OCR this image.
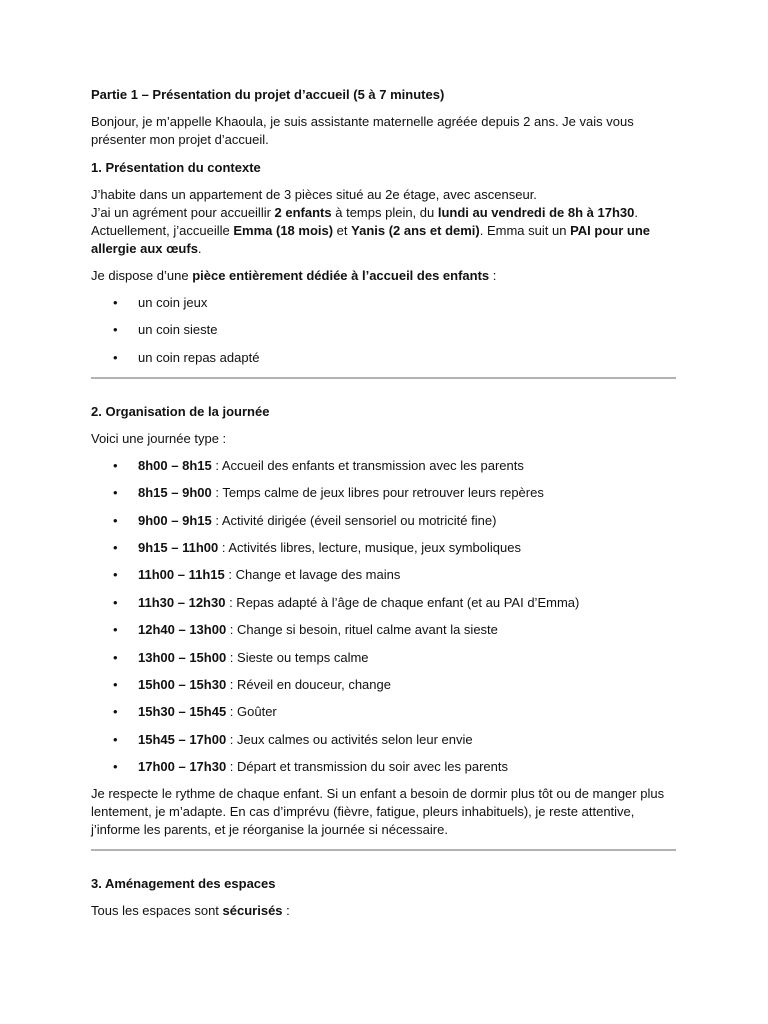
Partie 1 – Présentation du projet d’accueil (5 à 7 minutes)

Bonjour, je m’appelle Khaoula, je suis assistante maternelle agréée depuis 2 ans. Je vais vous présenter mon projet d’accueil.

1. Présentation du contexte

J’habite dans un appartement de 3 pièces situé au 2e étage, avec ascenseur.
J’ai un agrément pour accueillir 2 enfants à temps plein, du lundi au vendredi de 8h à 17h30.
Actuellement, j’accueille Emma (18 mois) et Yanis (2 ans et demi). Emma suit un PAI pour une allergie aux œufs.

Je dispose d’une pièce entièrement dédiée à l’accueil des enfants :

• un coin jeux
• un coin sieste
• un coin repas adapté

2. Organisation de la journée

Voici une journée type :

• 8h00 – 8h15 : Accueil des enfants et transmission avec les parents
• 8h15 – 9h00 : Temps calme de jeux libres pour retrouver leurs repères
• 9h00 – 9h15 : Activité dirigée (éveil sensoriel ou motricité fine)
• 9h15 – 11h00 : Activités libres, lecture, musique, jeux symboliques
• 11h00 – 11h15 : Change et lavage des mains
• 11h30 – 12h30 : Repas adapté à l’âge de chaque enfant (et au PAI d’Emma)
• 12h40 – 13h00 : Change si besoin, rituel calme avant la sieste
• 13h00 – 15h00 : Sieste ou temps calme
• 15h00 – 15h30 : Réveil en douceur, change
• 15h30 – 15h45 : Goûter
• 15h45 – 17h00 : Jeux calmes ou activités selon leur envie
• 17h00 – 17h30 : Départ et transmission du soir avec les parents

Je respecte le rythme de chaque enfant. Si un enfant a besoin de dormir plus tôt ou de manger plus lentement, je m’adapte. En cas d’imprévu (fièvre, fatigue, pleurs inhabituels), je reste attentive, j’informe les parents, et je réorganise la journée si nécessaire.

3. Aménagement des espaces

Tous les espaces sont sécurisés :
